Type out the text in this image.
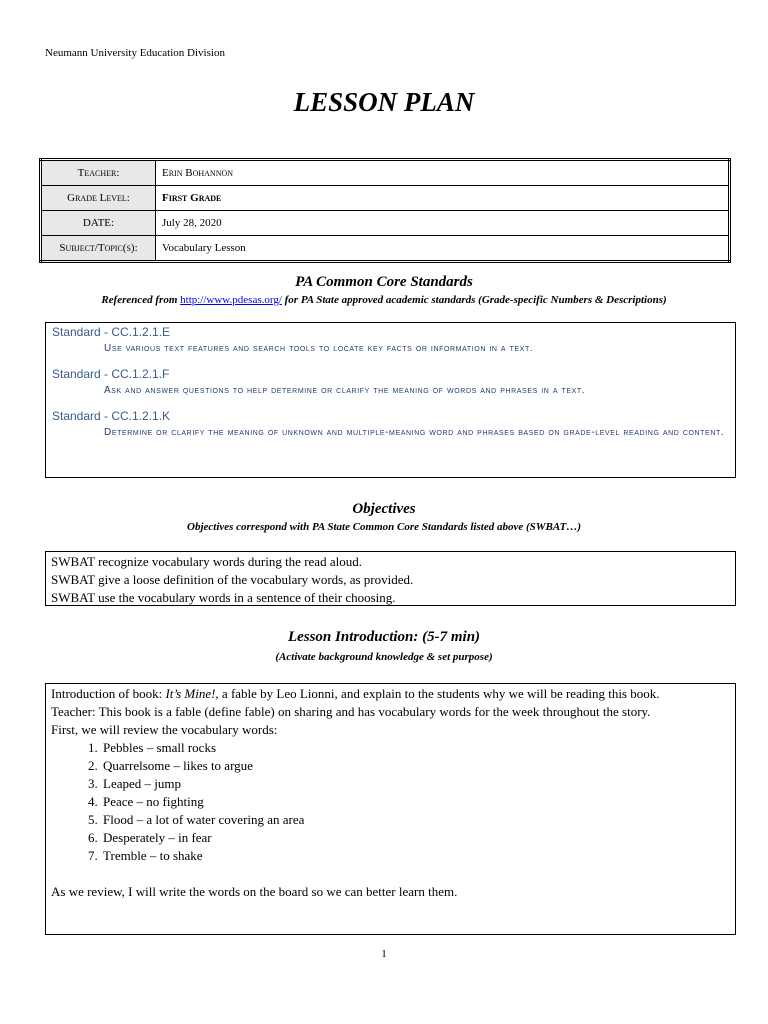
Neumann University Education Division
LESSON PLAN
Teacher:	Erin Bohannon
Grade Level:	First Grade
DATE:	July 28, 2020
Subject/Topic(s):	Vocabulary Lesson
PA Common Core Standards
Referenced from http://www.pdesas.org/ for PA State approved academic standards (Grade-specific Numbers & Descriptions)
Standard - CC.1.2.1.E
Use various text features and search tools to locate key facts or information in a text.
Standard - CC.1.2.1.F
Ask and answer questions to help determine or clarify the meaning of words and phrases in a text.
Standard - CC.1.2.1.K
Determine or clarify the meaning of unknown and multiple-meaning word and phrases based on grade-level reading and content.
Objectives
Objectives correspond with PA State Common Core Standards listed above (SWBAT…)
SWBAT recognize vocabulary words during the read aloud.
SWBAT give a loose definition of the vocabulary words, as provided.
SWBAT use the vocabulary words in a sentence of their choosing.
Lesson Introduction: (5-7 min)
(Activate background knowledge & set purpose)
Introduction of book: It’s Mine!, a fable by Leo Lionni, and explain to the students why we will be reading this book.
Teacher: This book is a fable (define fable) on sharing and has vocabulary words for the week throughout the story.
First, we will review the vocabulary words:
1. Pebbles – small rocks
2. Quarrelsome – likes to argue
3. Leaped – jump
4. Peace – no fighting
5. Flood – a lot of water covering an area
6. Desperately – in fear
7. Tremble – to shake
As we review, I will write the words on the board so we can better learn them.
1
